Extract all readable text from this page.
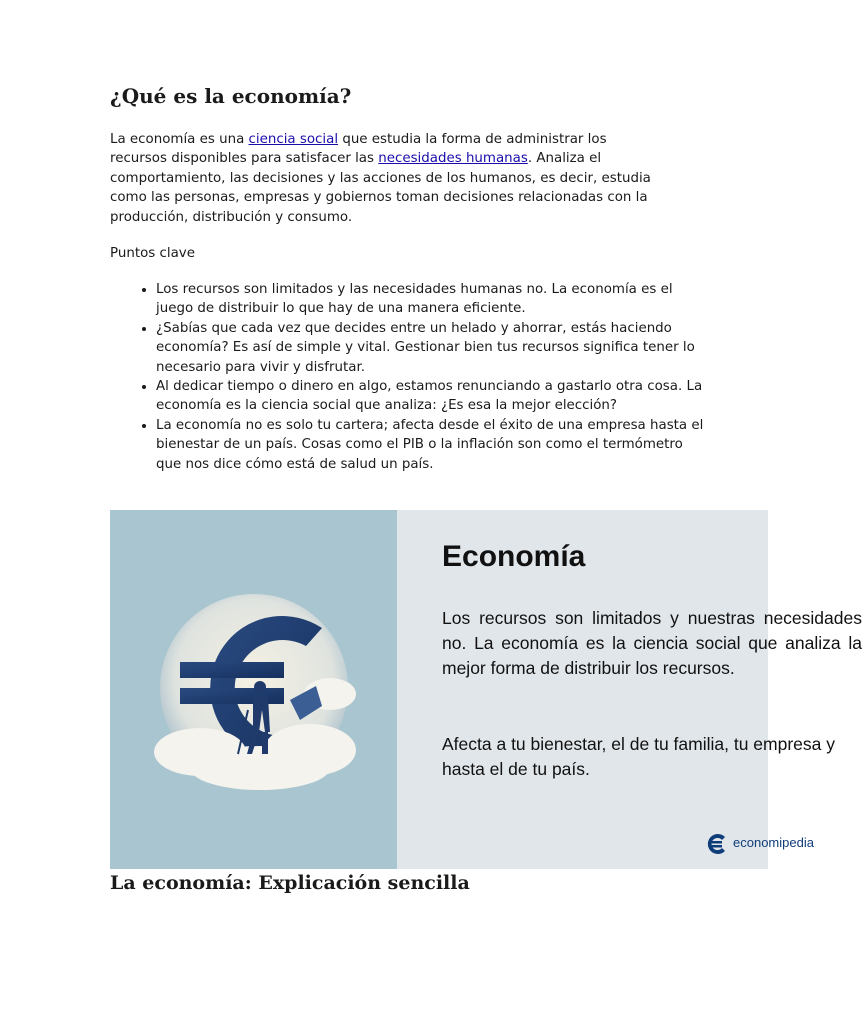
¿Qué es la economía?

La economía es una ciencia social que estudia la forma de administrar los recursos disponibles para satisfacer las necesidades humanas. Analiza el comportamiento, las decisiones y las acciones de los humanos, es decir, estudia como las personas, empresas y gobiernos toman decisiones relacionadas con la producción, distribución y consumo.

Puntos clave

• Los recursos son limitados y las necesidades humanas no. La economía es el juego de distribuir lo que hay de una manera eficiente.
• ¿Sabías que cada vez que decides entre un helado y ahorrar, estás haciendo economía? Es así de simple y vital. Gestionar bien tus recursos significa tener lo necesario para vivir y disfrutar.
• Al dedicar tiempo o dinero en algo, estamos renunciando a gastarlo otra cosa. La economía es la ciencia social que analiza: ¿Es esa la mejor elección?
• La economía no es solo tu cartera; afecta desde el éxito de una empresa hasta el bienestar de un país. Cosas como el PIB o la inflación son como el termómetro que nos dice cómo está de salud un país.
Economía

Los recursos son limitados y nuestras necesidades no. La economía es la ciencia social que analiza la mejor forma de distribuir los recursos.

Afecta a tu bienestar, el de tu familia, tu empresa y hasta el de tu país.

economipedia
La economía: Explicación sencilla
